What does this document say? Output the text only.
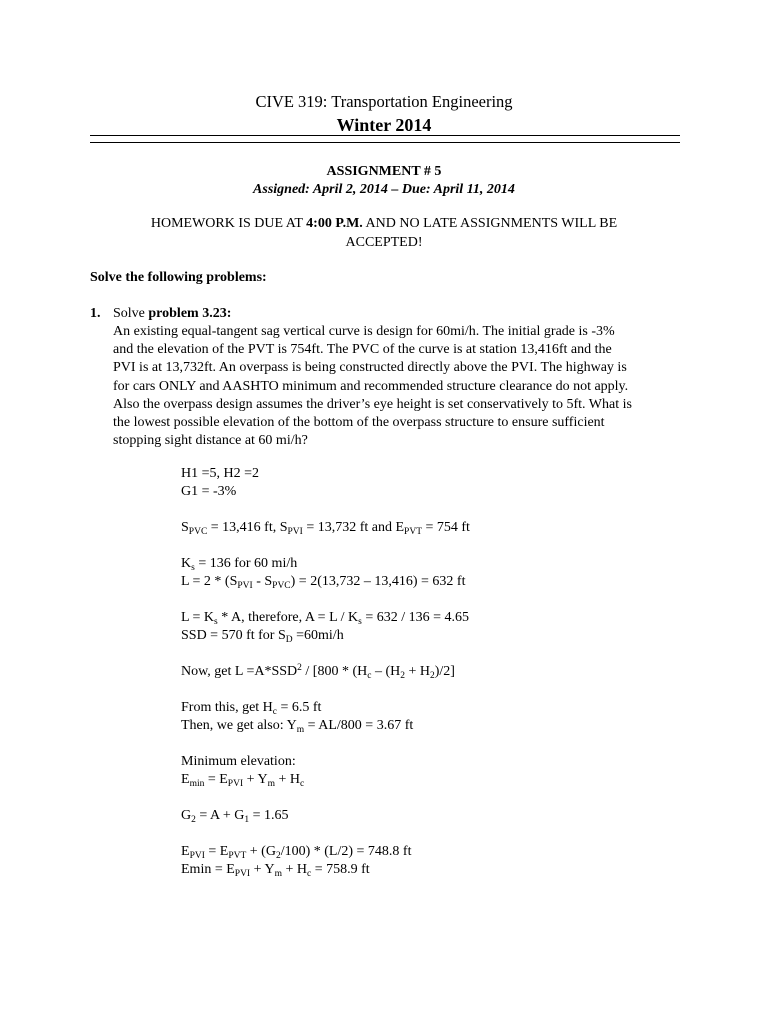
CIVE 319: Transportation Engineering
Winter 2014
ASSIGNMENT # 5
Assigned: April 2, 2014 – Due: April 11, 2014
HOMEWORK IS DUE AT 4:00 P.M. AND NO LATE ASSIGNMENTS WILL BE
ACCEPTED!
Solve the following problems:
1. Solve problem 3.23:
An existing equal-tangent sag vertical curve is design for 60mi/h. The initial grade is -3%
and the elevation of the PVT is 754ft. The PVC of the curve is at station 13,416ft and the
PVI is at 13,732ft. An overpass is being constructed directly above the PVI. The highway is
for cars ONLY and AASHTO minimum and recommended structure clearance do not apply.
Also the overpass design assumes the driver’s eye height is set conservatively to 5ft. What is
the lowest possible elevation of the bottom of the overpass structure to ensure sufficient
stopping sight distance at 60 mi/h?
H1 =5, H2 =2
G1 = -3%
$S_{PVC} = 13,416$ ft, $S_{PVI} = 13,732$ ft and $E_{PVT} = 754$ ft
$K_s = 136$ for 60 mi/h
$L = 2 * (S_{PVI} - S_{PVC}) = 2(13,732 - 13,416) = 632$ ft
$L = K_s * A$, therefore, $A = L / K_s = 632 / 136 = 4.65$
SSD = 570 ft for $S_D =60mi/h$
Now, get $L =A*SSD^2 / [800 * (H_c - (H_2 + H_2)/2]$
From this, get $H_c = 6.5$ ft
Then, we get also: $Y_m = AL/800 = 3.67$ ft
Minimum elevation:
$E_{min} = E_{PVI} + Y_m + H_c$
$G_2 = A + G_1 = 1.65$
$E_{PVI} = E_{PVT} + (G_2/100) * (L/2) = 748.8$ ft
$Emin = E_{PVI} + Y_m + H_c = 758.9$ ft
